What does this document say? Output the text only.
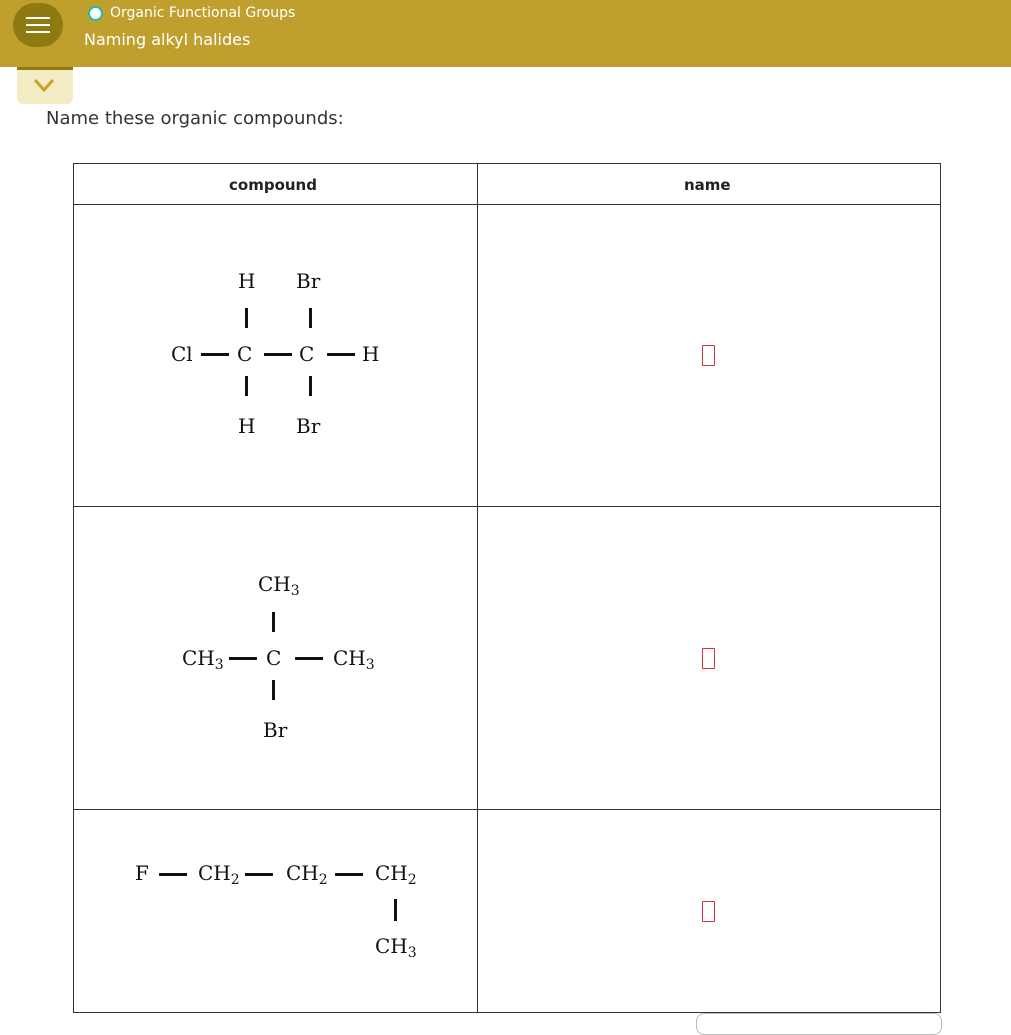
Organic Functional Groups
Naming alkyl halides
Name these organic compounds:
compound	name
H Br
Cl C C H
H Br
$CH_3$
$CH_3$ C	$CH_3$
Br
F $CH_2$ $CH_2$ $CH_2$
$CH_3$
